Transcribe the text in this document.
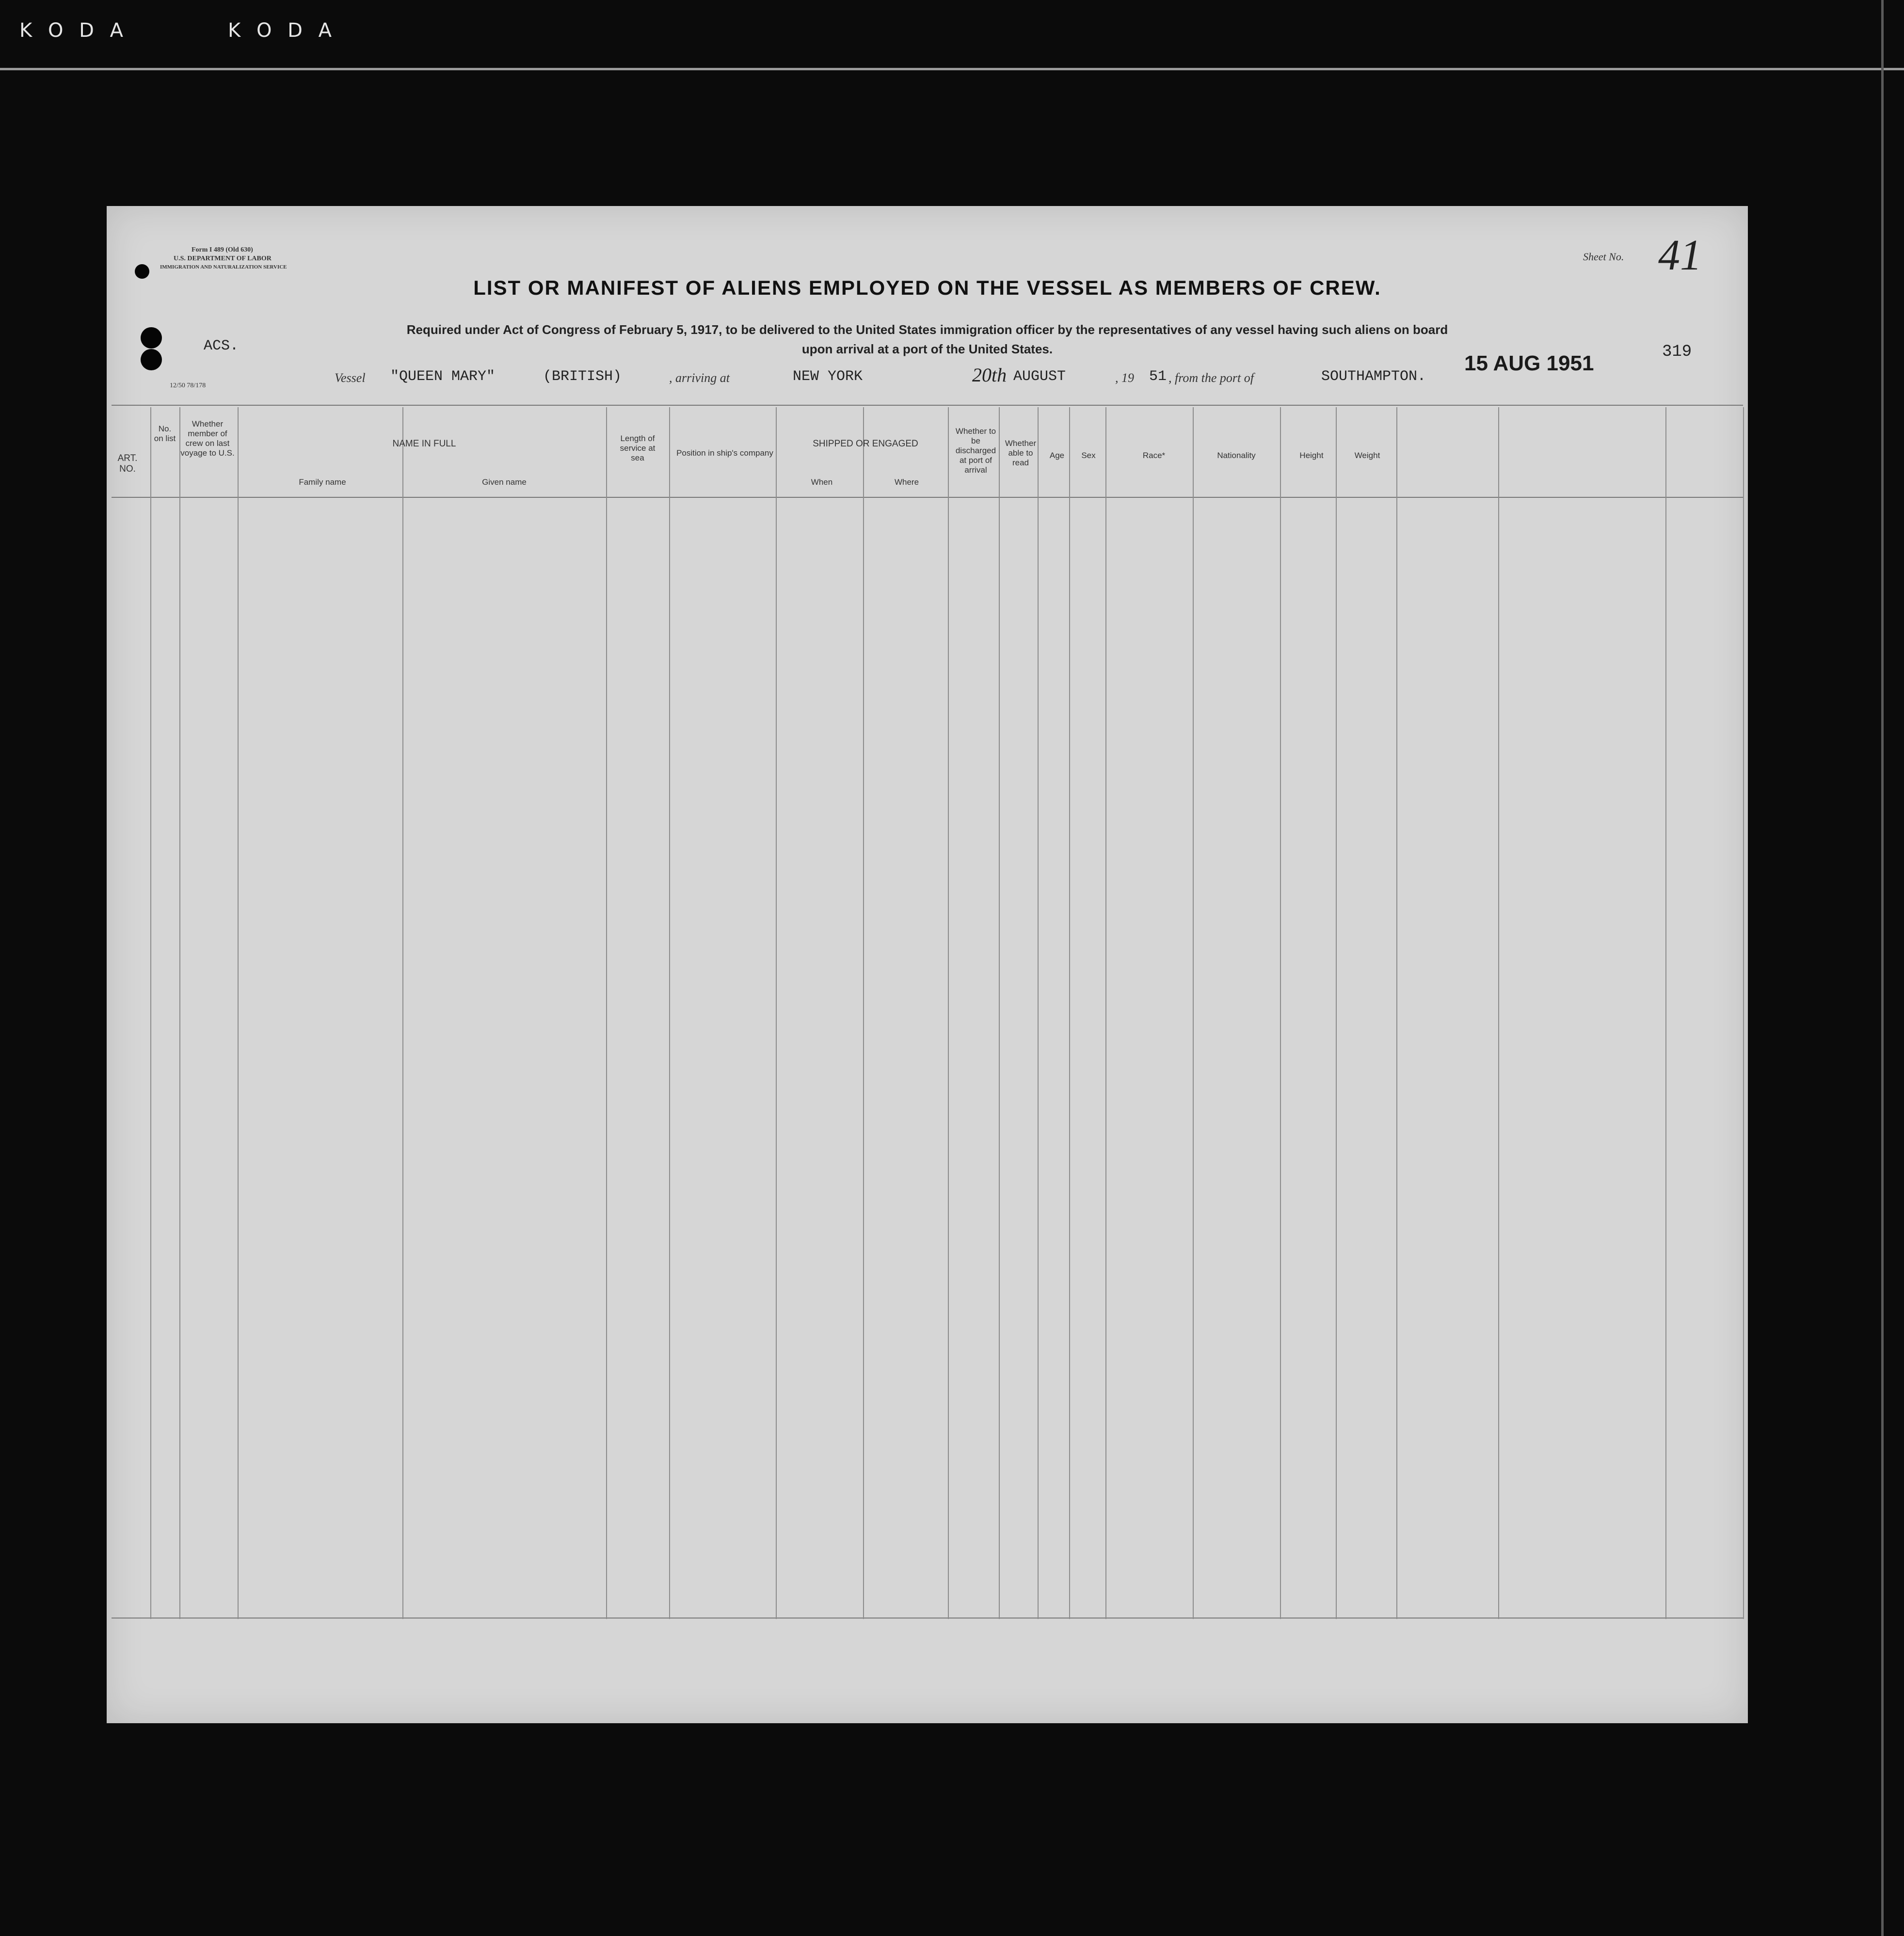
K O D A	K O D A
Form I 489 (Old 630)
U.S. DEPARTMENT OF LABOR
IMMIGRATION AND NATURALIZATION SERVICE
12/50 78/178
ACS.
Sheet No. 41
319
LIST OR MANIFEST OF ALIENS EMPLOYED ON THE VESSEL AS MEMBERS OF CREW.
Required under Act of Congress of February 5, 1917, to be delivered to the United States immigration officer by the representatives of any vessel having such aliens on board
upon arrival at a port of the United States.
Vessel "QUEEN MARY"	(BRITISH)	, arriving at	NEW YORK	20th AUGUST	, 19 51 , from the port of	SOUTHAMPTON.
15 AUG 1951
ART. NO.
No. on list
Whether member of crew on last voyage to U.S.
NAME IN FULL
Family name	Given name
Length of service at sea
Position in ship's company
SHIPPED OR ENGAGED
When	Where
Whether to be discharged at port of arrival
Whether able to read
Age	Sex	Race*	Nationality	Height	Weight
